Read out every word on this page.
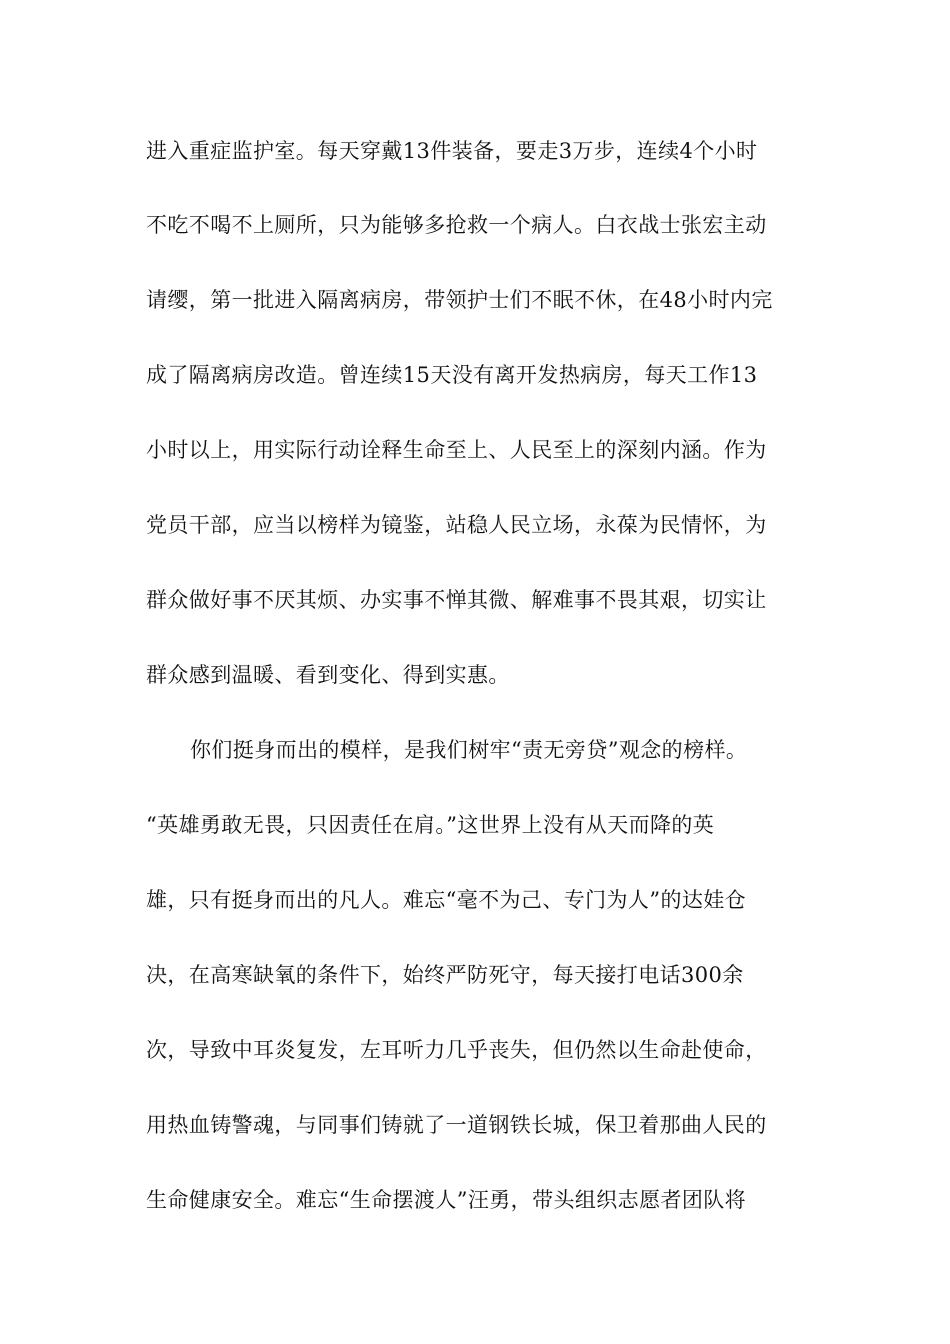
进入重症监护室。每天穿戴13件装备，要走3万步，连续4个小时
不吃不喝不上厕所，只为能够多抢救一个病人。白衣战士张宏主动
请缨，第一批进入隔离病房，带领护士们不眠不休，在48小时内完
成了隔离病房改造。曾连续15天没有离开发热病房，每天工作13
小时以上，用实际行动诠释生命至上、人民至上的深刻内涵。作为
党员干部，应当以榜样为镜鉴，站稳人民立场，永葆为民情怀，为
群众做好事不厌其烦、办实事不惮其微、解难事不畏其艰，切实让
群众感到温暖、看到变化、得到实惠。
你们挺身而出的模样，是我们树牢“责无旁贷”观念的榜样。
“英雄勇敢无畏，只因责任在肩。”这世界上没有从天而降的英
雄，只有挺身而出的凡人。难忘“毫不为己、专门为人”的达娃仓
决，在高寒缺氧的条件下，始终严防死守，每天接打电话300余
次，导致中耳炎复发，左耳听力几乎丧失，但仍然以生命赴使命，
用热血铸警魂，与同事们铸就了一道钢铁长城，保卫着那曲人民的
生命健康安全。难忘“生命摆渡人”汪勇，带头组织志愿者团队将
